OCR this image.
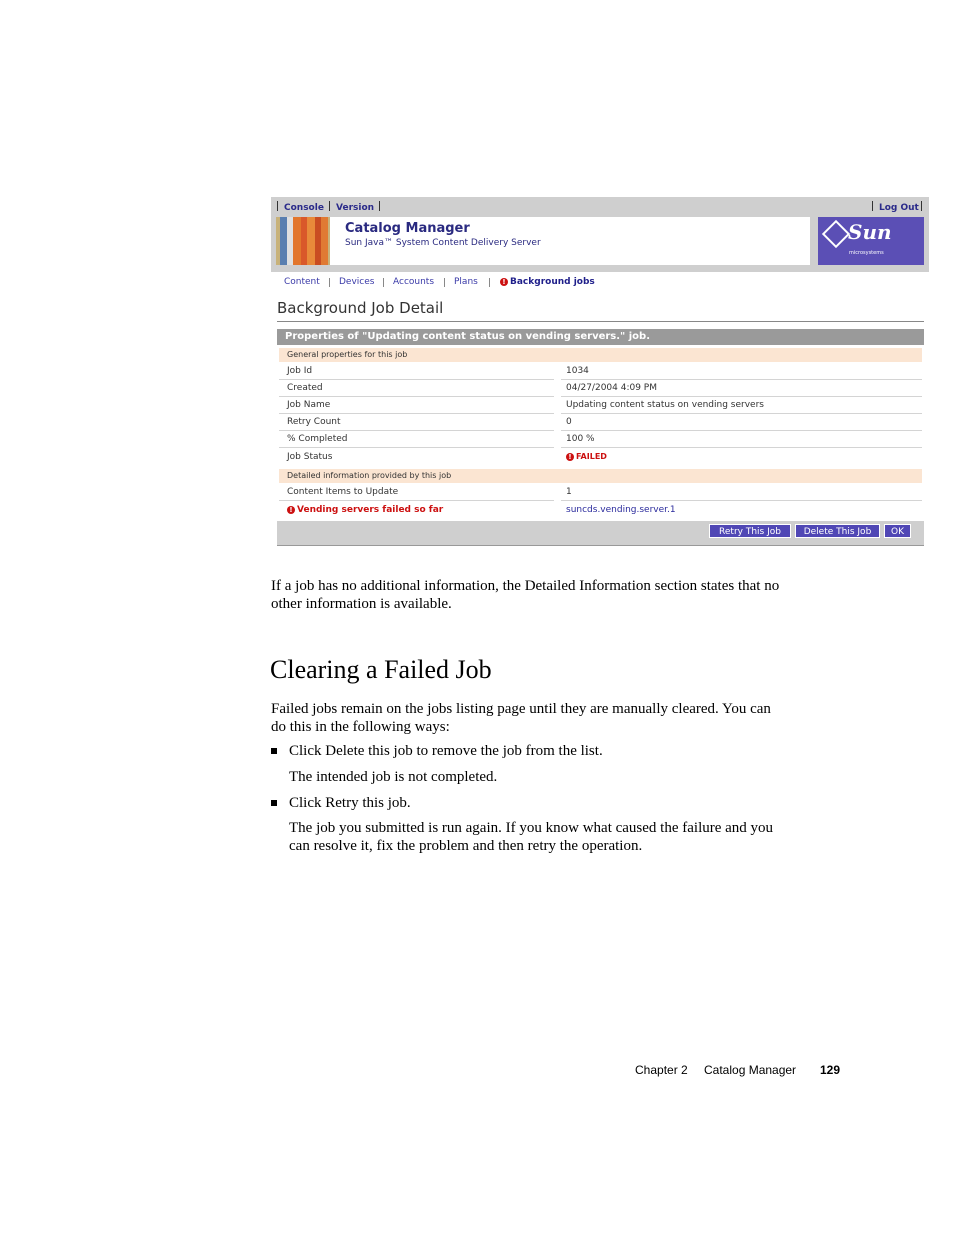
Console Version	Log Out
Catalog Manager
Sun Java™ System Content Delivery Server	Sun
microsystems
Content Devices Accounts Plans	! Background jobs
Background Job Detail
Properties of "Updating content status on vending servers." job.
General properties for this job
Job Id	1034
Created	04/27/2004 4:09 PM
Job Name	Updating content status on vending servers
Retry Count	0
% Completed	100 %
Job Status	! FAILED
Detailed information provided by this job
Content Items to Update	1
! Vending servers failed so far	suncds.vending.server.1
Retry This Job	Delete This Job	OK
If a job has no additional information, the Detailed Information section states that no
other information is available.
Clearing a Failed Job
Failed jobs remain on the jobs listing page until they are manually cleared. You can
do this in the following ways:
Click Delete this job to remove the job from the list.
The intended job is not completed.
Click Retry this job.
The job you submitted is run again. If you know what caused the failure and you
can resolve it, fix the problem and then retry the operation.
Chapter 2 Catalog Manager 129
